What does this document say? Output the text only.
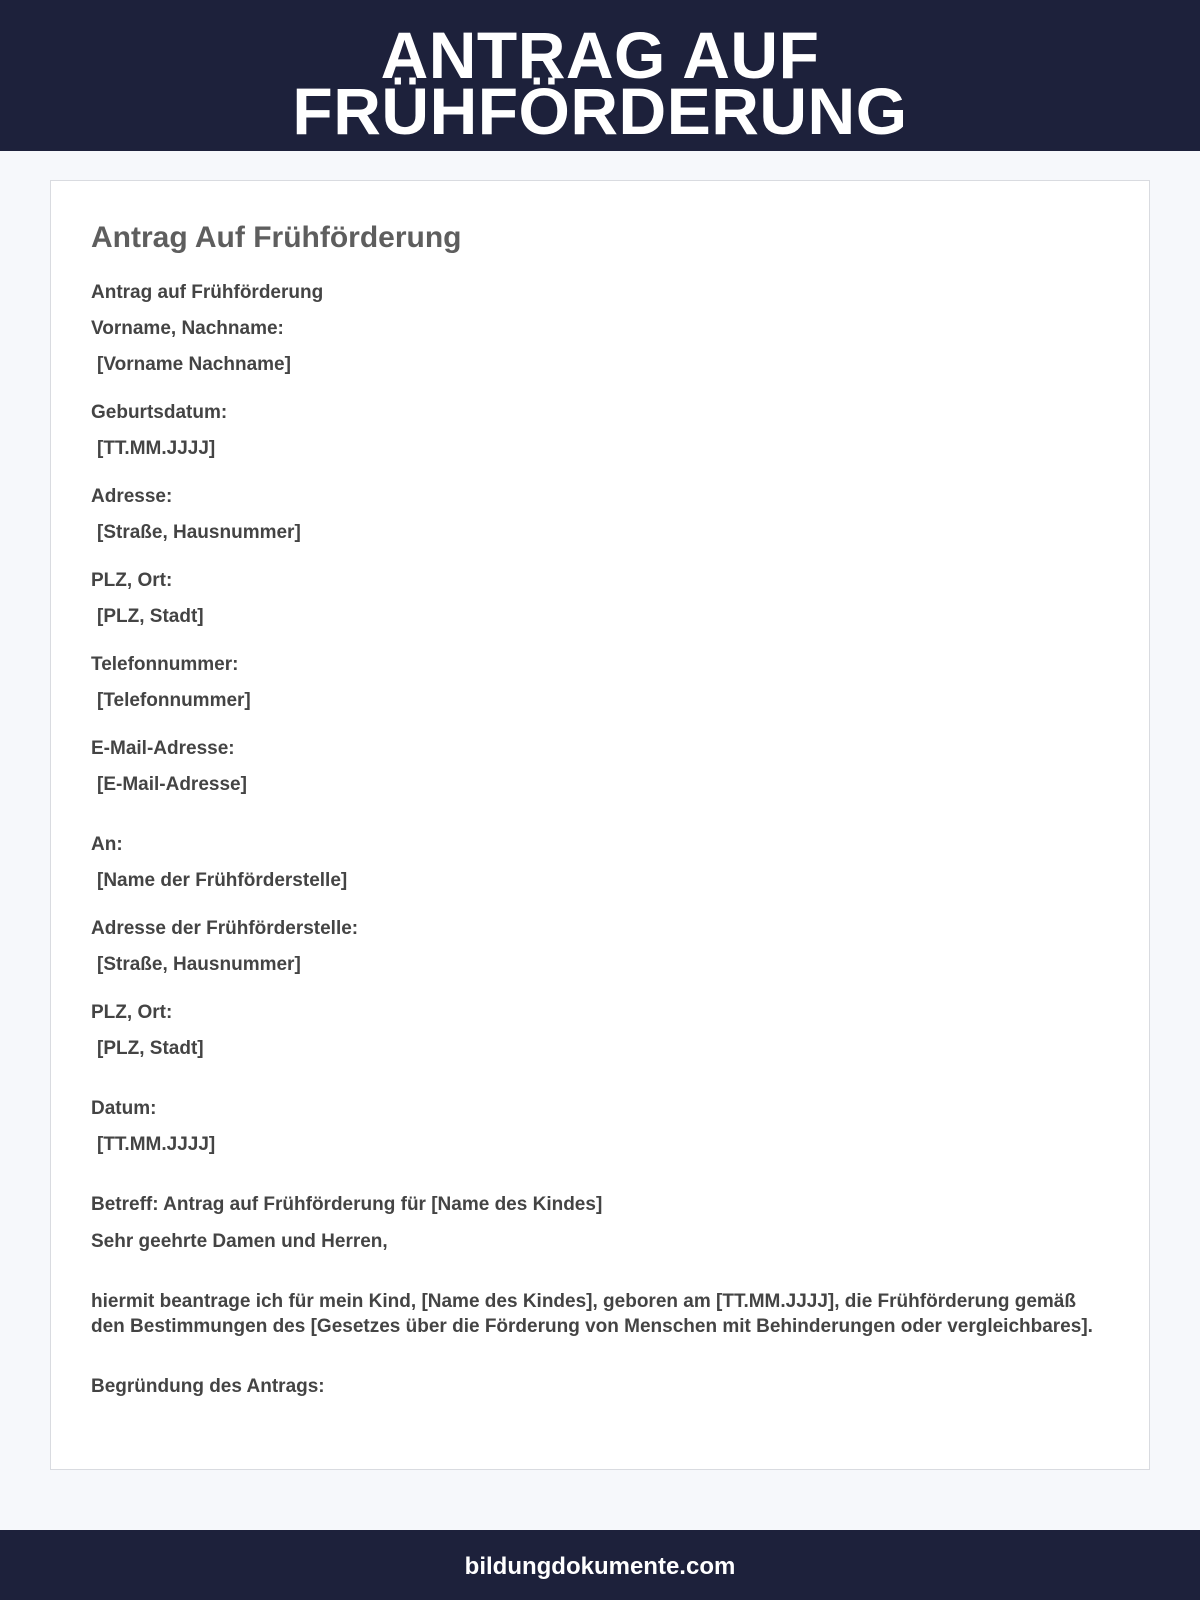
ANTRAG AUF
FRÜHFÖRDERUNG
Antrag Auf Frühförderung

Antrag auf Frühförderung

Vorname, Nachname:

[Vorname Nachname]

Geburtsdatum:

[TT.MM.JJJJ]

Adresse:

[Straße, Hausnummer]

PLZ, Ort:

[PLZ, Stadt]

Telefonnummer:

[Telefonnummer]

E-Mail-Adresse:

[E-Mail-Adresse]

An:

[Name der Frühförderstelle]

Adresse der Frühförderstelle:

[Straße, Hausnummer]

PLZ, Ort:

[PLZ, Stadt]

Datum:

[TT.MM.JJJJ]

Betreff: Antrag auf Frühförderung für [Name des Kindes]

Sehr geehrte Damen und Herren,

hiermit beantrage ich für mein Kind, [Name des Kindes], geboren am [TT.MM.JJJJ], die Frühförderung gemäß den Bestimmungen des [Gesetzes über die Förderung von Menschen mit Behinderungen oder vergleichbares].

Begründung des Antrags:

bildungdokumente.com
